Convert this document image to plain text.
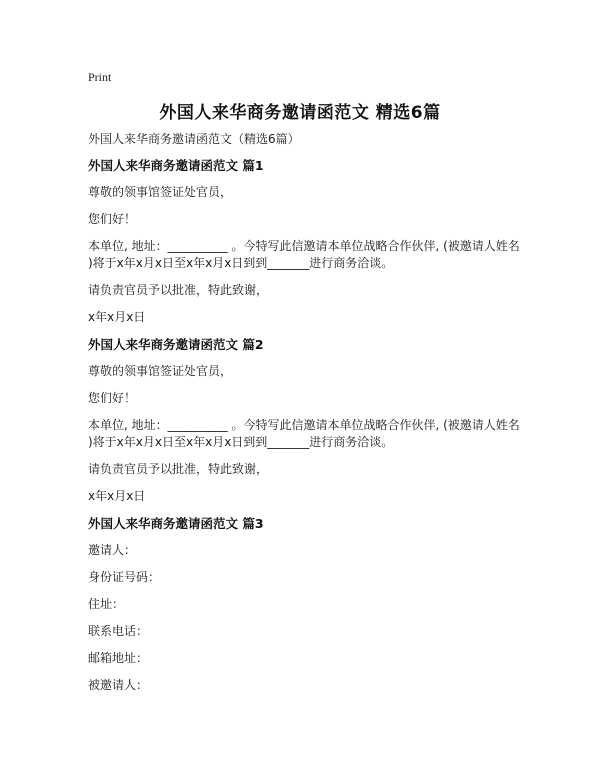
Print
外国人来华商务邀请函范文 精选6篇
外国人来华商务邀请函范文（精选6篇）
外国人来华商务邀请函范文 篇1
尊敬的领事馆签证处官员，
您们好！
本单位, 地址：__________ 。今特写此信邀请本单位战略合作伙伴, (被邀请人姓名
)将于x年x月x日至x年x月x日到到_______进行商务洽谈。
请负责官员予以批准，特此致谢，
x年x月x日
外国人来华商务邀请函范文 篇2
尊敬的领事馆签证处官员，
您们好！
本单位, 地址：__________ 。今特写此信邀请本单位战略合作伙伴, (被邀请人姓名
)将于x年x月x日至x年x月x日到到_______进行商务洽谈。
请负责官员予以批准，特此致谢，
x年x月x日
外国人来华商务邀请函范文 篇3
邀请人：
身份证号码：
住址：
联系电话：
邮箱地址：
被邀请人：
